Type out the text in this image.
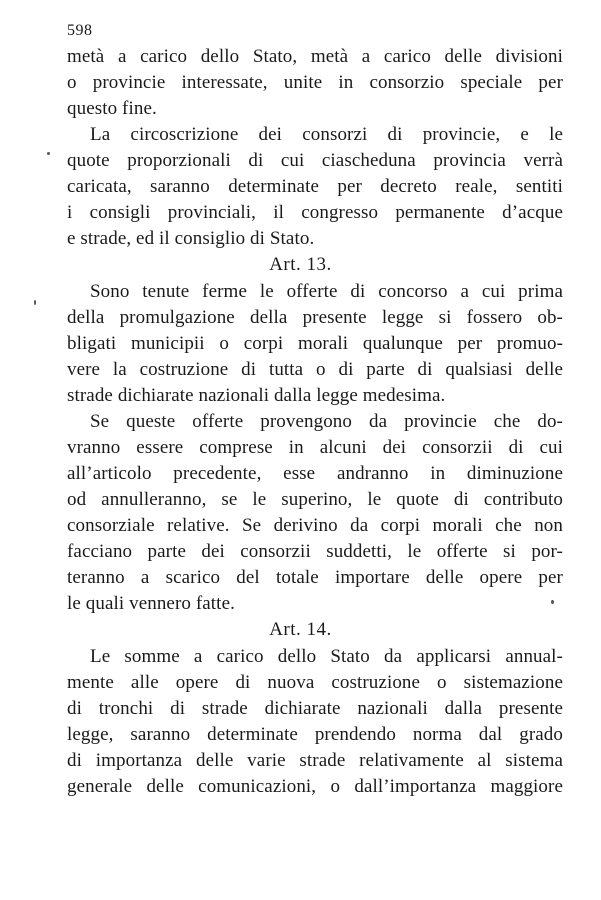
598
metà a carico dello Stato, metà a carico delle divisioni
o provincie interessate, unite in consorzio speciale per
questo fine.
La circoscrizione dei consorzi di provincie, e le
quote proporzionali di cui ciascheduna provincia verrà
caricata, saranno determinate per decreto reale, sentiti
i consigli provinciali, il congresso permanente d’acque
e strade, ed il consiglio di Stato.
Art. 13.
Sono tenute ferme le offerte di concorso a cui prima
della promulgazione della presente legge si fossero ob-
bligati municipii o corpi morali qualunque per promuo-
vere la costruzione di tutta o di parte di qualsiasi delle
strade dichiarate nazionali dalla legge medesima.
Se queste offerte provengono da provincie che do-
vranno essere comprese in alcuni dei consorzii di cui
all’articolo precedente, esse andranno in diminuzione
od annulleranno, se le superino, le quote di contributo
consorziale relative. Se derivino da corpi morali che non
facciano parte dei consorzii suddetti, le offerte si por-
teranno a scarico del totale importare delle opere per
le quali vennero fatte.
Art. 14.
Le somme a carico dello Stato da applicarsi annual-
mente alle opere di nuova costruzione o sistemazione
di tronchi di strade dichiarate nazionali dalla presente
legge, saranno determinate prendendo norma dal grado
di importanza delle varie strade relativamente al sistema
generale delle comunicazioni, o dall’importanza maggiore
